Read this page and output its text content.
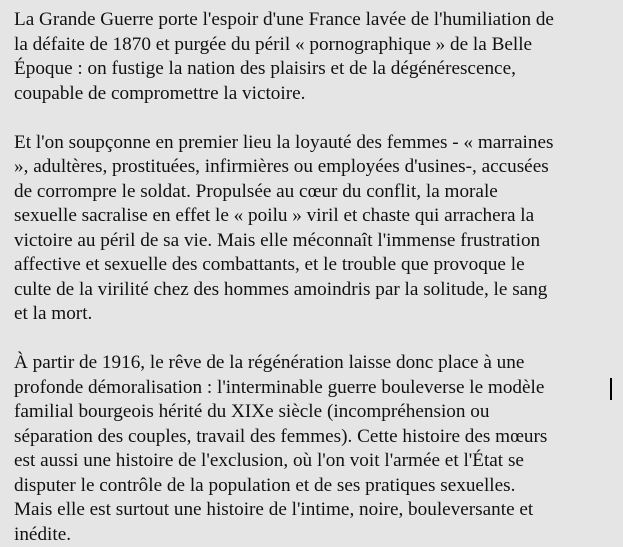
La Grande Guerre porte l'espoir d'une France lavée de l'humiliation de
la défaite de 1870 et purgée du péril « pornographique » de la Belle
Époque : on fustige la nation des plaisirs et de la dégénérescence,
coupable de compromettre la victoire.

Et l'on soupçonne en premier lieu la loyauté des femmes - « marraines
», adultères, prostituées, infirmières ou employées d'usines-, accusées
de corrompre le soldat. Propulsée au cœur du conflit, la morale
sexuelle sacralise en effet le « poilu » viril et chaste qui arrachera la
victoire au péril de sa vie. Mais elle méconnaît l'immense frustration
affective et sexuelle des combattants, et le trouble que provoque le
culte de la virilité chez des hommes amoindris par la solitude, le sang
et la mort.

À partir de 1916, le rêve de la régénération laisse donc place à une
profonde démoralisation : l'interminable guerre bouleverse le modèle
familial bourgeois hérité du XIXe siècle (incompréhension ou
séparation des couples, travail des femmes). Cette histoire des mœurs
est aussi une histoire de l'exclusion, où l'on voit l'armée et l'État se
disputer le contrôle de la population et de ses pratiques sexuelles.
Mais elle est surtout une histoire de l'intime, noire, bouleversante et
inédite.
